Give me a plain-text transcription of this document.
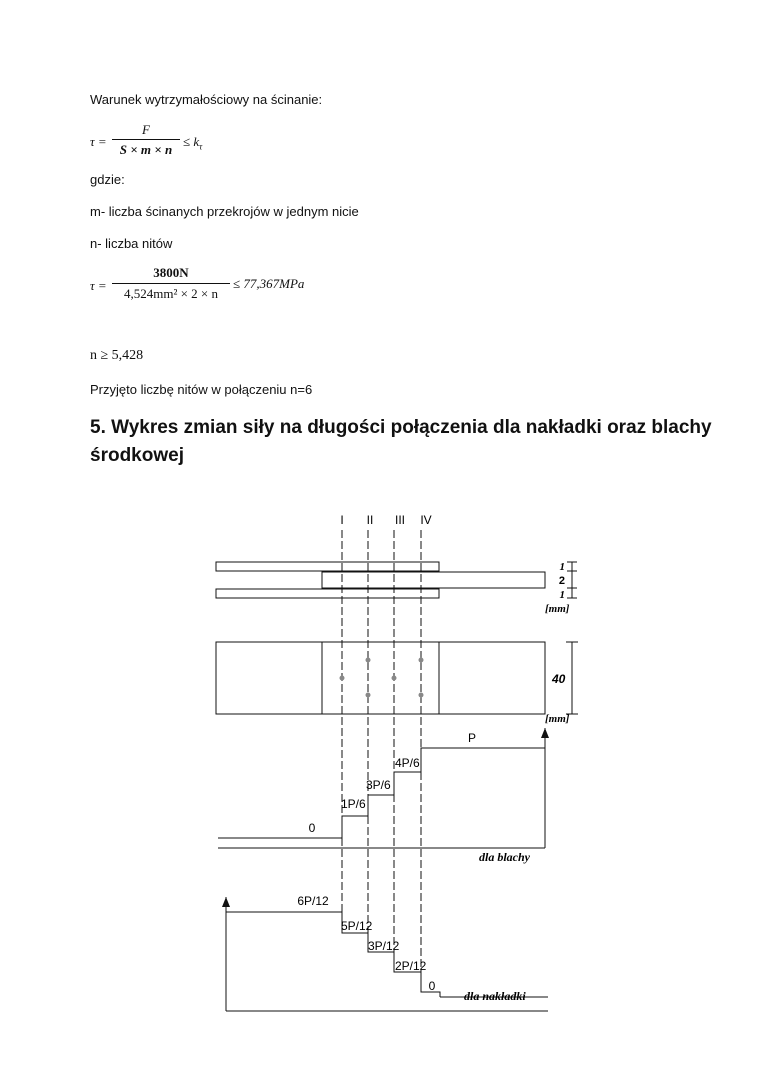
Warunek wytrzymałościowy na ścinanie:
τ =
F
S × m × n
≤ $k_\tau$
gdzie:
m- liczba ścinanych przekrojów w jednym nicie
n- liczba nitów
τ =
3800N
4,524mm² × 2 × n
≤ 77,367MPa
n ≥ 5,428
Przyjęto liczbę nitów w połączeniu n=6
5. Wykres zmian siły na długości połączenia dla nakładki oraz blachy
środkowej
I II III IV
1
2
1
[mm]
40
[mm]
0
1P/6
3P/6
4P/6
P
dla blachy
6P/12
5P/12
3P/12
2P/12
0
dla nakładki
